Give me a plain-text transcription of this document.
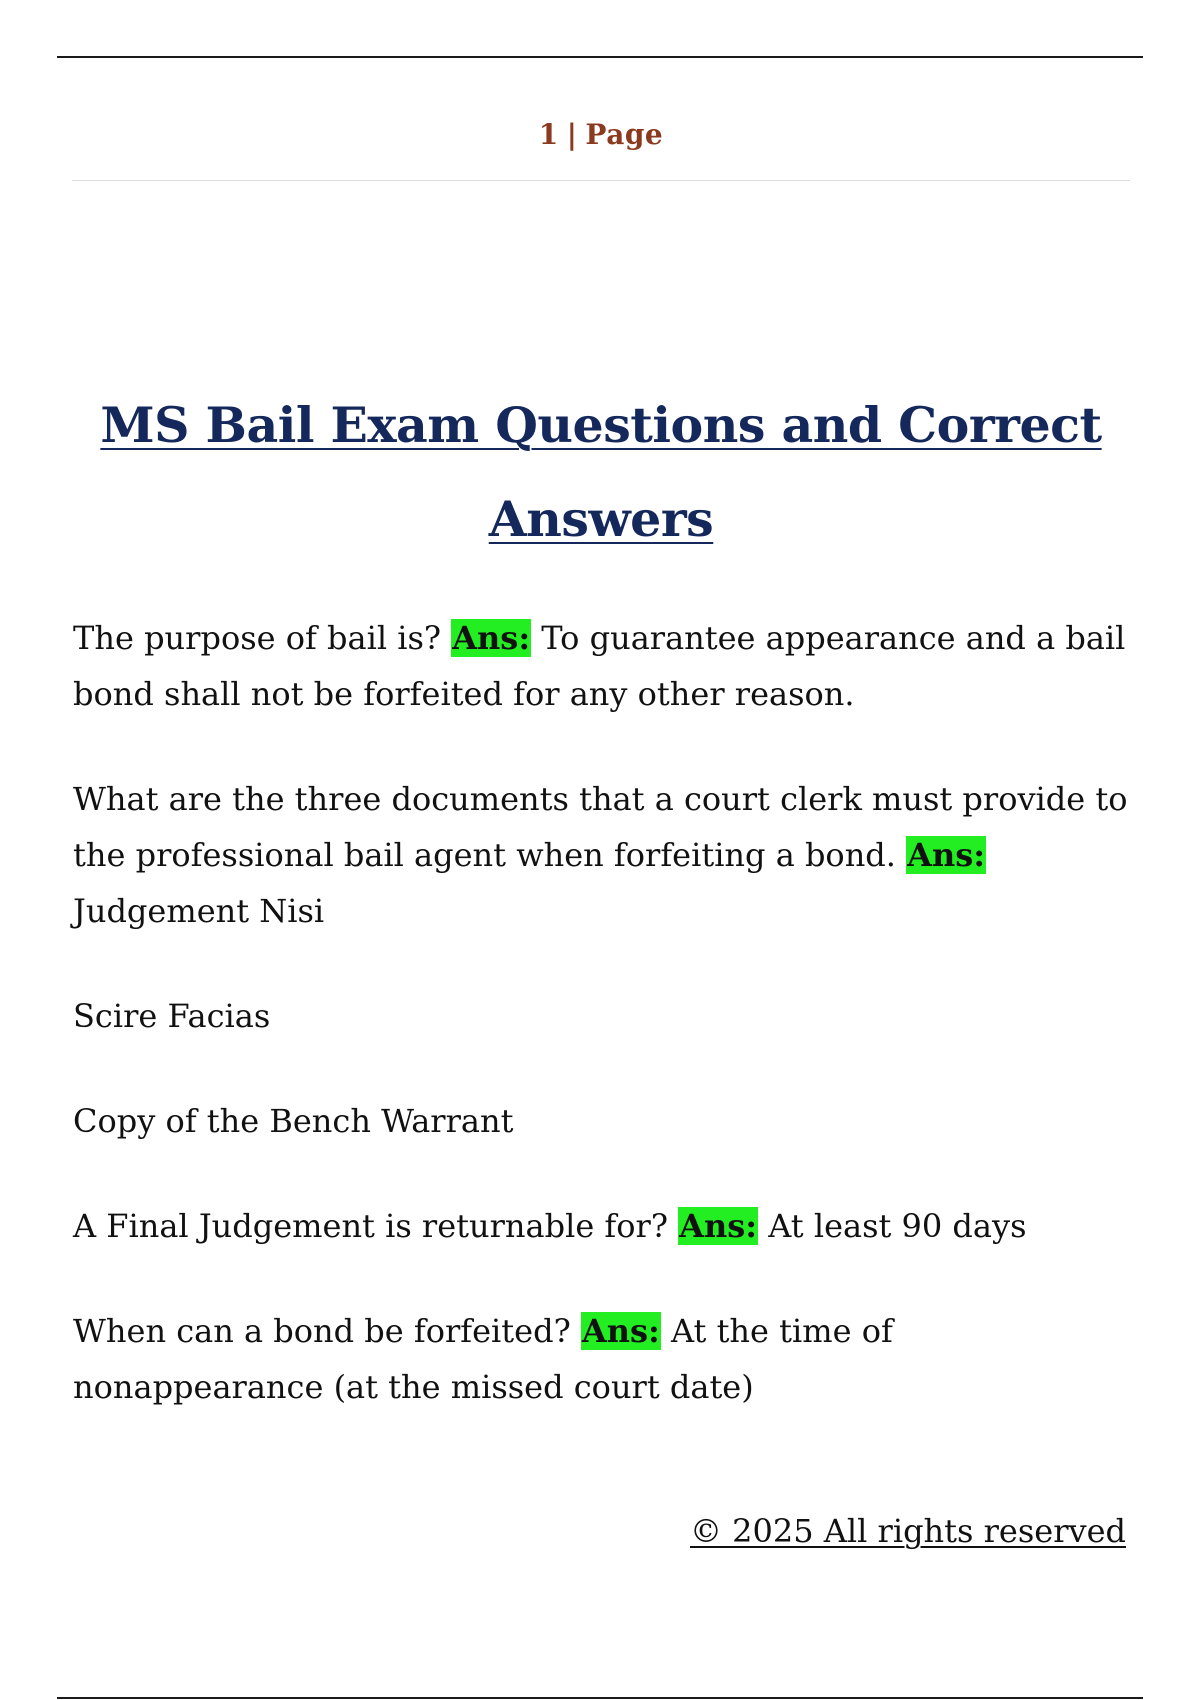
1 | Page
MS Bail Exam Questions and Correct
Answers

The purpose of bail is? Ans: To guarantee appearance and a bail bond shall not be forfeited for any other reason.

What are the three documents that a court clerk must provide to the professional bail agent when forfeiting a bond. Ans: Judgement Nisi

Scire Facias

Copy of the Bench Warrant

A Final Judgement is returnable for? Ans: At least 90 days

When can a bond be forfeited? Ans: At the time of nonappearance (at the missed court date)

© 2025 All rights reserved
